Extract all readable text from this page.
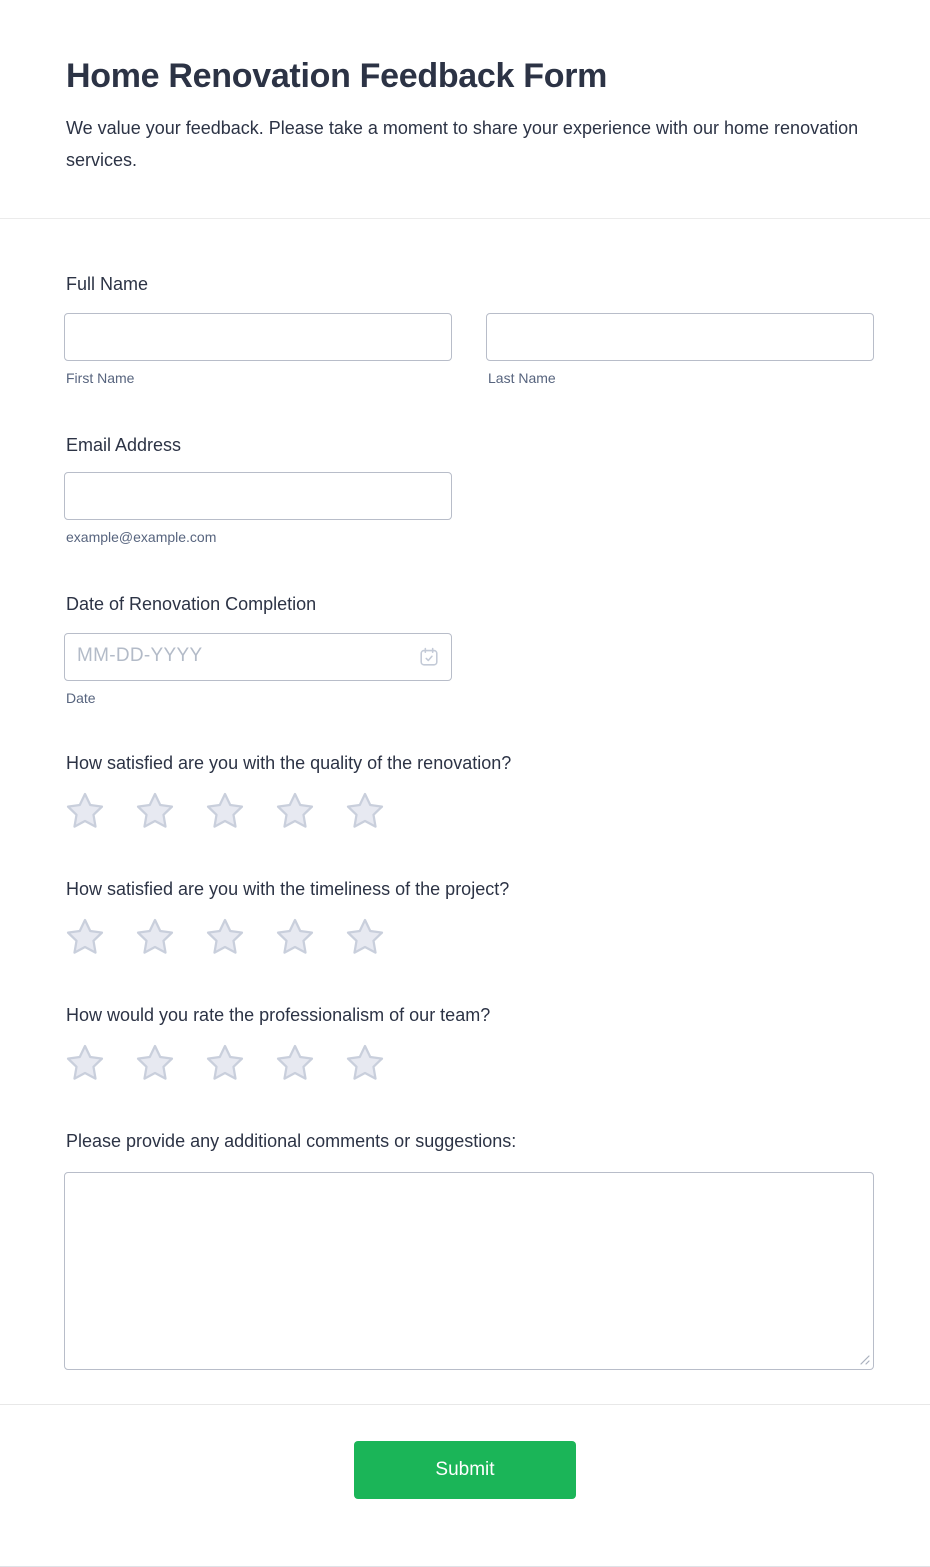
Home Renovation Feedback Form

We value your feedback. Please take a moment to share your experience with our home renovation services.

Full Name
First Name	Last Name
Email Address
example@example.com
Date of Renovation Completion
MM-DD-YYYY
Date
How satisfied are you with the quality of the renovation?
How satisfied are you with the timeliness of the project?
How would you rate the professionalism of our team?
Please provide any additional comments or suggestions:
Submit
